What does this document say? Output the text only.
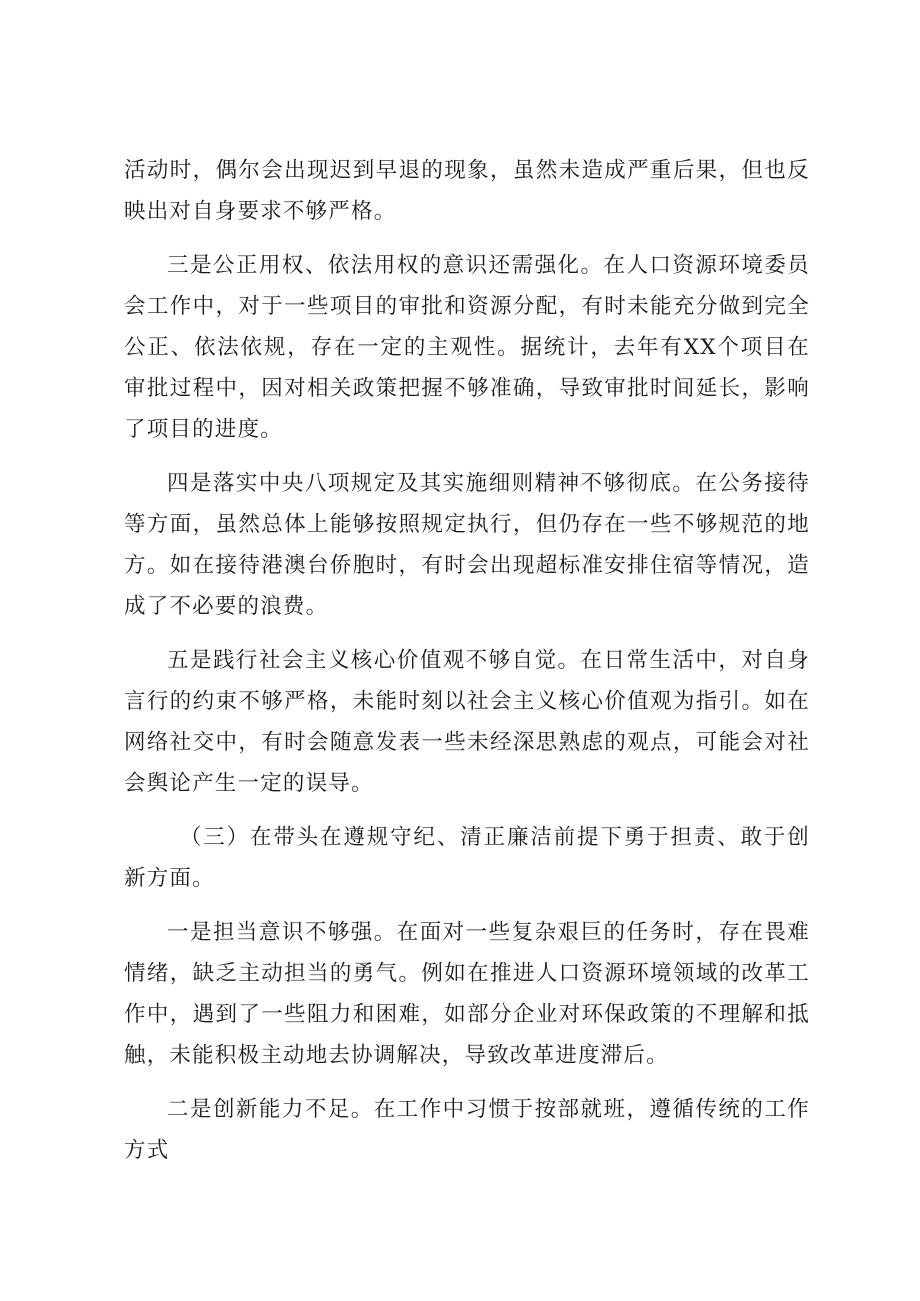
活动时，偶尔会出现迟到早退的现象，虽然未造成严重后果，但也反映出对自身要求不够严格。

三是公正用权、依法用权的意识还需强化。在人口资源环境委员会工作中，对于一些项目的审批和资源分配，有时未能充分做到完全公正、依法依规，存在一定的主观性。据统计，去年有XX个项目在审批过程中，因对相关政策把握不够准确，导致审批时间延长，影响了项目的进度。

四是落实中央八项规定及其实施细则精神不够彻底。在公务接待等方面，虽然总体上能够按照规定执行，但仍存在一些不够规范的地方。如在接待港澳台侨胞时，有时会出现超标准安排住宿等情况，造成了不必要的浪费。

五是践行社会主义核心价值观不够自觉。在日常生活中，对自身言行的约束不够严格，未能时刻以社会主义核心价值观为指引。如在网络社交中，有时会随意发表一些未经深思熟虑的观点，可能会对社会舆论产生一定的误导。

（三）在带头在遵规守纪、清正廉洁前提下勇于担责、敢于创新方面。

一是担当意识不够强。在面对一些复杂艰巨的任务时，存在畏难情绪，缺乏主动担当的勇气。例如在推进人口资源环境领域的改革工作中，遇到了一些阻力和困难，如部分企业对环保政策的不理解和抵触，未能积极主动地去协调解决，导致改革进度滞后。

二是创新能力不足。在工作中习惯于按部就班，遵循传统的工作方式
